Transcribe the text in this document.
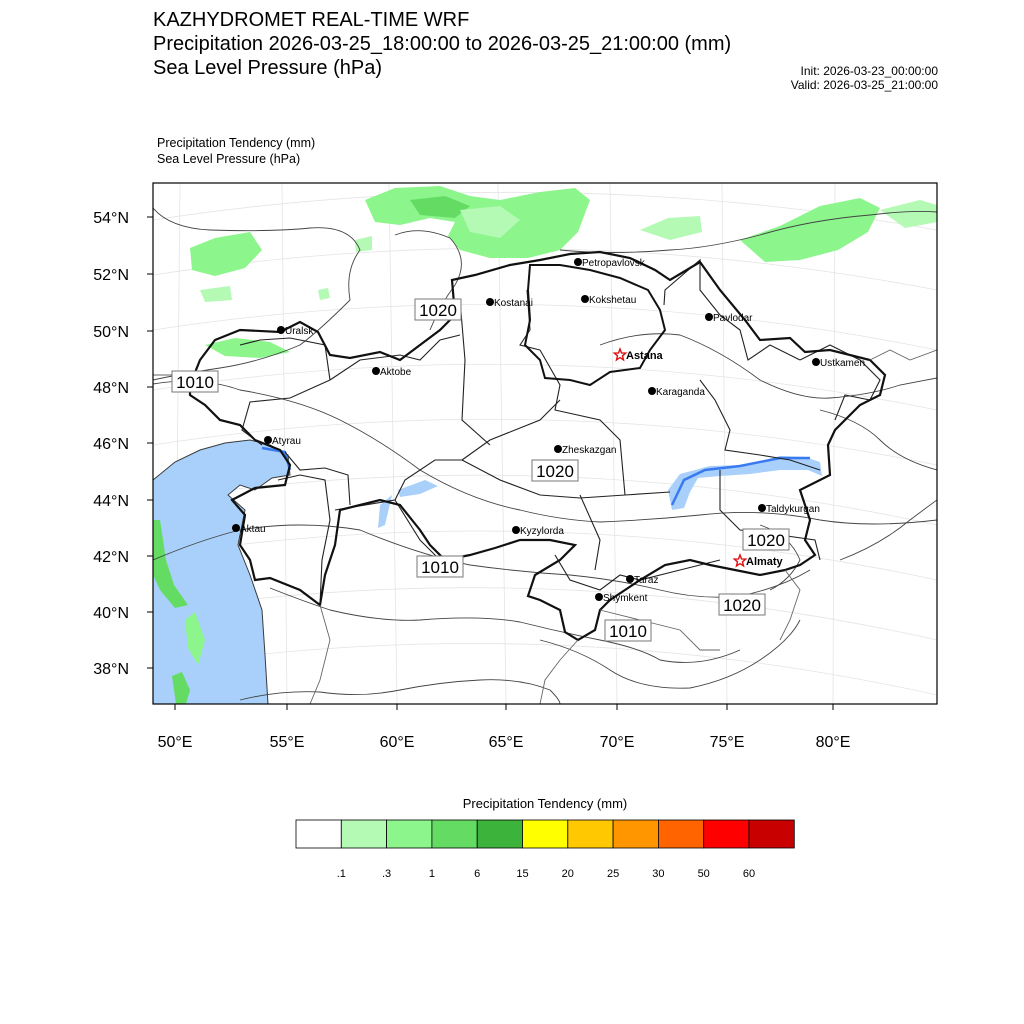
KAZHYDROMET REAL-TIME WRF
Precipitation 2026-03-25_18:00:00 to 2026-03-25_21:00:00 (mm)
Sea Level Pressure (hPa)	Init: 2026-03-23_00:00:00
Valid: 2026-03-25_21:00:00
Precipitation Tendency (mm)
Sea Level Pressure (hPa)
54°N
52°N
50°N
48°N
46°N
44°N
42°N
40°N
38°N
50°E	55°E	60°E	65°E	70°E	75°E	80°E
1020
1010
1020
1010
1020
1020
1010
Petropavlovsk
Kostanai	Kokshetau
Pavlodar
Uralsk
Astana
Aktobe
Ustkamen
Karaganda
Atyrau
Zheskazgan
Aktau	Kyzylorda
Taldykurgan
Almaty
Taraz
Shymkent
.1	.3	1	6	15	20	25	30	50	60
Precipitation Tendency (mm)
